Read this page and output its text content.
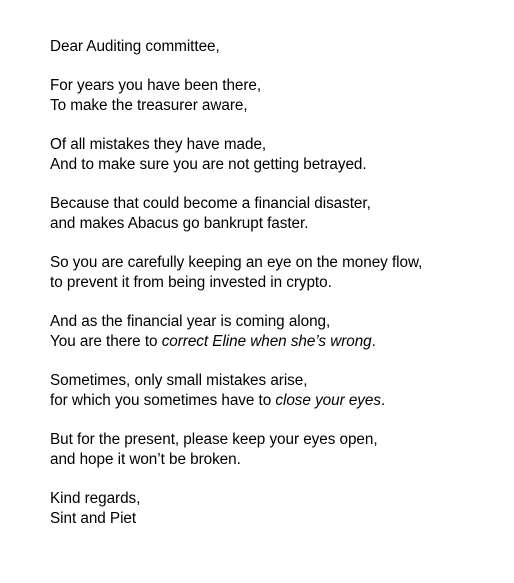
Dear Auditing committee,

For years you have been there,
To make the treasurer aware,

Of all mistakes they have made,
And to make sure you are not getting betrayed.

Because that could become a financial disaster,
and makes Abacus go bankrupt faster.

So you are carefully keeping an eye on the money flow,
to prevent it from being invested in crypto.

And as the financial year is coming along,
You are there to correct Eline when she’s wrong.

Sometimes, only small mistakes arise,
for which you sometimes have to close your eyes.

But for the present, please keep your eyes open,
and hope it won’t be broken.

Kind regards,
Sint and Piet
